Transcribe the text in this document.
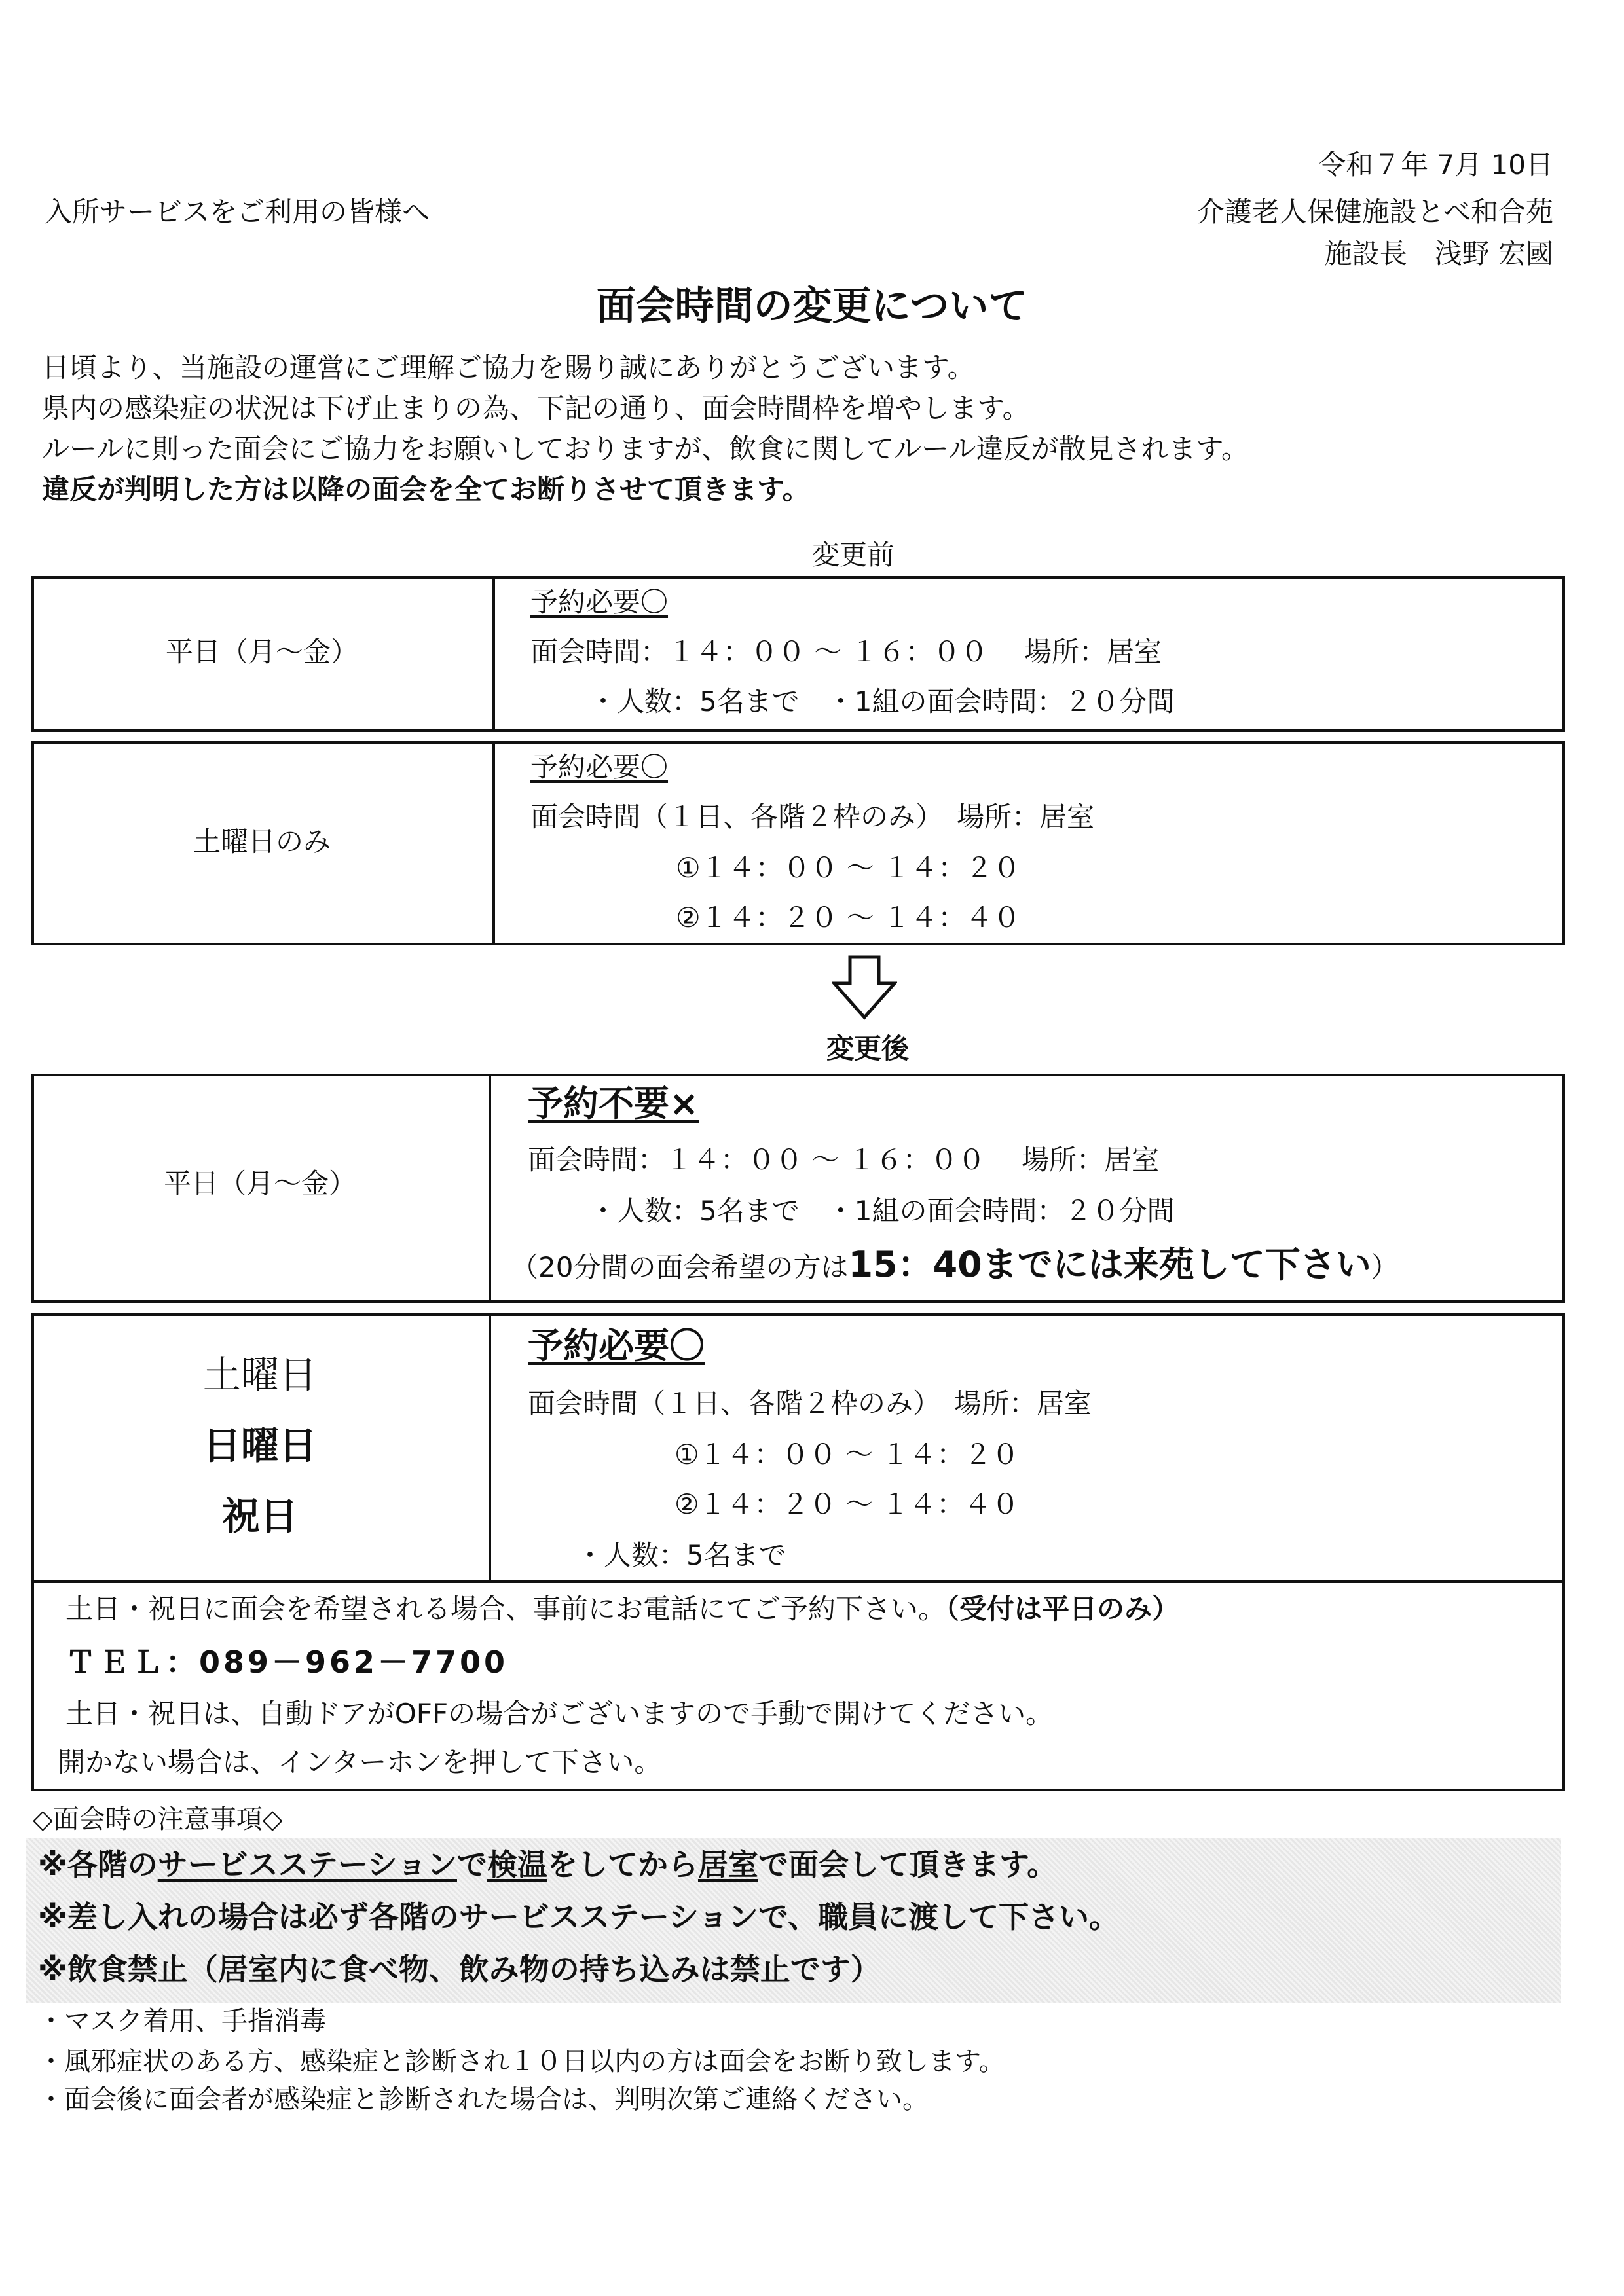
令和７年 7月 10日
入所サービスをご利用の皆様へ	介護老人保健施設とべ和合苑
施設長　浅野 宏國
面会時間の変更について
日頃より、当施設の運営にご理解ご協力を賜り誠にありがとうございます。
県内の感染症の状況は下げ止まりの為、下記の通り、面会時間枠を増やします。
ルールに則った面会にご協力をお願いしておりますが、飲食に関してルール違反が散見されます。
違反が判明した方は以降の面会を全てお断りさせて頂きます。
変更前
平日（月～金）
予約必要〇
面会時間：１４：００ ～ １６：００　 場所：居室
・人数：5名まで　・1組の面会時間：２０分間
土曜日のみ
予約必要〇
面会時間（１日、各階２枠のみ）　場所：居室
①１４：００ ～ １４：２０
②１４：２０ ～ １４：４０
変更後
平日（月～金）
予約不要×
面会時間：１４：００ ～ １６：００　 場所：居室
・人数：5名まで　・1組の面会時間：２０分間
（20分間の面会希望の方は15：40までには来苑して下さい）
土曜日
日曜日
祝日
予約必要〇
面会時間（１日、各階２枠のみ）　場所：居室
①１４：００ ～ １４：２０
②１４：２０ ～ １４：４０
・人数：5名まで
土日・祝日に面会を希望される場合、事前にお電話にてご予約下さい。（受付は平日のみ）
ＴＥＬ：089－962－7700
土日・祝日は、自動ドアがOFFの場合がございますので手動で開けてください。
開かない場合は、インターホンを押して下さい。
◇面会時の注意事項◇
※各階のサービスステーションで検温をしてから居室で面会して頂きます。
※差し入れの場合は必ず各階のサービスステーションで、職員に渡して下さい。
※飲食禁止（居室内に食べ物、飲み物の持ち込みは禁止です）
・マスク着用、手指消毒
・風邪症状のある方、感染症と診断され１０日以内の方は面会をお断り致します。
・面会後に面会者が感染症と診断された場合は、判明次第ご連絡ください。
